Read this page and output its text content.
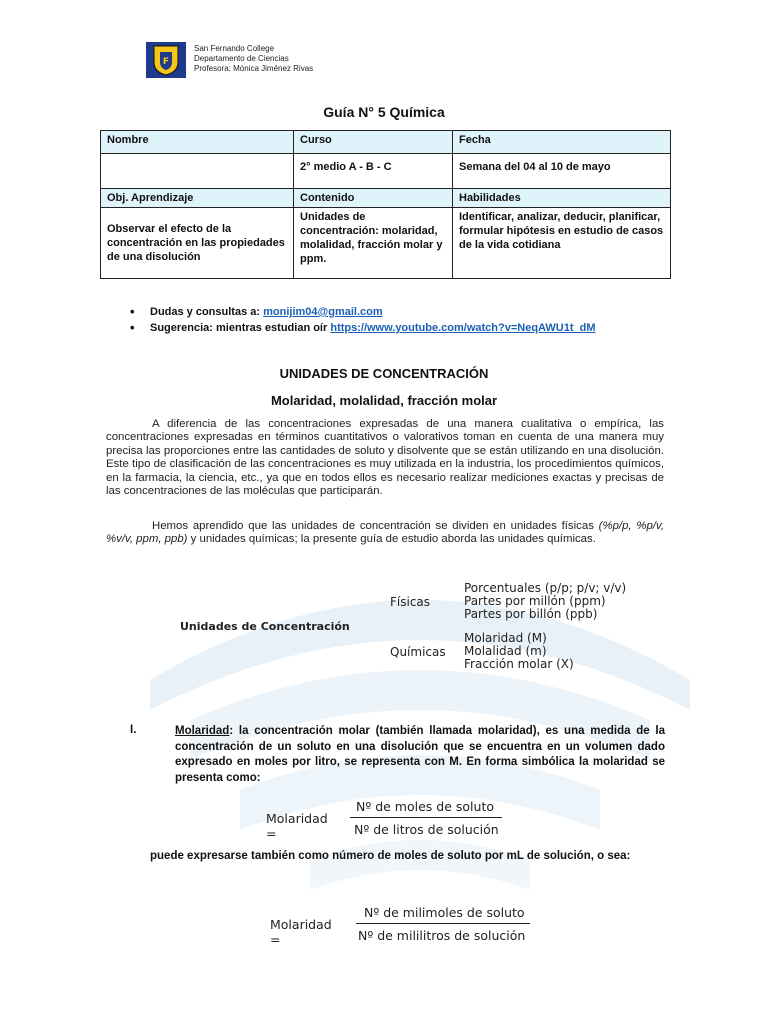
F
San Fernando College
Departamento de Ciencias
Profesora: Mónica Jiménez Rivas
Guía N° 5 Química
Nombre	Curso	Fecha
	2° medio A - B - C	Semana del 04 al 10 de mayo
Obj. Aprendizaje	Contenido	Habilidades
Observar el efecto de la concentración en las propiedades de una disolución	Unidades de concentración: molaridad, molalidad, fracción molar y ppm.	Identificar, analizar, deducir, planificar, formular hipótesis en estudio de casos de la vida cotidiana
•	Dudas y consultas a:
monijim04@gmail.com
•	Sugerencia: mientras estudian oír
https://www.youtube.com/watch?v=NeqAWU1t_dM
UNIDADES DE CONCENTRACIÓN
Molaridad, molalidad, fracción molar
A diferencia de las concentraciones expresadas de una manera cualitativa o empírica, las concentraciones expresadas en términos cuantitativos o valorativos toman en cuenta de una manera muy precisa las proporciones entre las cantidades de soluto y disolvente que se están utilizando en una disolución. Este tipo de clasificación de las concentraciones es muy utilizada en la industria, los procedimientos químicos, en la farmacia, la ciencia, etc., ya que en todos ellos es necesario realizar mediciones exactas y precisas de las concentraciones de las moléculas que participarán.
Hemos aprendido que las unidades de concentración se dividen en unidades físicas (%p/p, %p/v, %v/v, ppm, ppb) y unidades químicas; la presente guía de estudio aborda las unidades químicas.
Unidades de Concentración
Físicas
Químicas
Porcentuales (p/p; p/v; v/v)
Partes por millón (ppm)
Partes por billón (ppb)
Molaridad (M)
Molalidad (m)
Fracción molar (X)
I.	Molaridad: la concentración molar (también llamada molaridad), es una medida de la concentración de un soluto en una disolución que se encuentra en un volumen dado expresado en moles por litro, se representa con M. En forma simbólica la molaridad se presenta como:
Molaridad =
Nº de moles de soluto
Nº de litros de solución
puede expresarse también como número de moles de soluto por mL de solución, o sea:
Molaridad =
Nº de milimoles de soluto
Nº de mililitros de solución
